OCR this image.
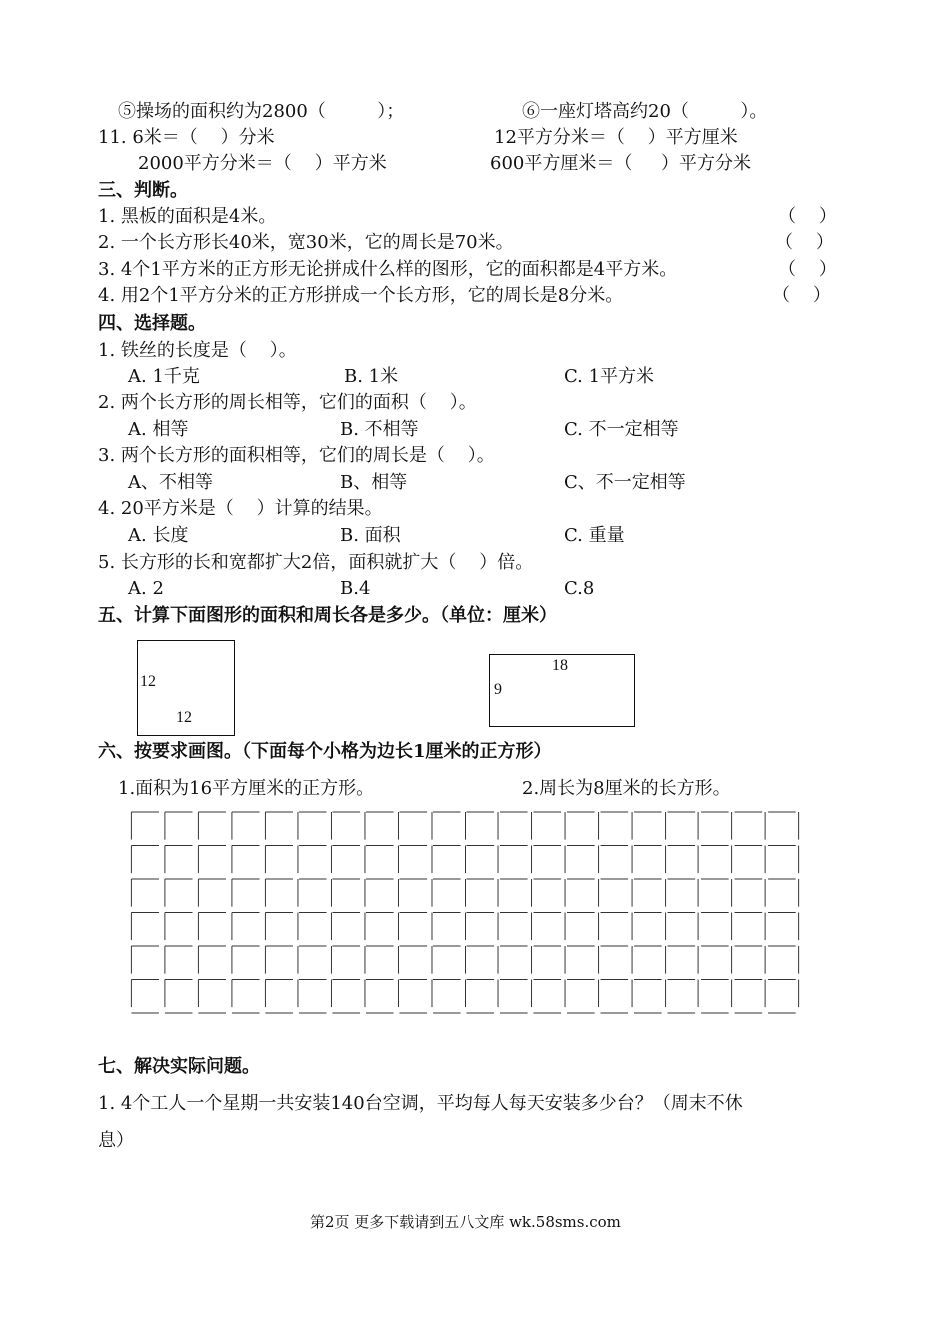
⑤操场的面积约为2800（         ）；	⑥一座灯塔高约20（         ）。
11. 6米＝（    ）分米	12平方分米＝（    ）平方厘米
2000平方分米＝（    ）平方米	600平方厘米＝（     ）平方分米
三、判断。
1. 黑板的面积是4米。	（    ）
2. 一个长方形长40米，宽30米，它的周长是70米。	（    ）
3. 4个1平方米的正方形无论拼成什么样的图形，它的面积都是4平方米。	（    ）
4. 用2个1平方分米的正方形拼成一个长方形，它的周长是8分米。	（    ）
四、选择题。
1. 铁丝的长度是（    ）。
A. 1千克	B. 1米	C. 1平方米
2. 两个长方形的周长相等，它们的面积（    ）。
A. 相等	B. 不相等	C. 不一定相等
3. 两个长方形的面积相等，它们的周长是（    ）。
A、不相等	B、相等	C、不一定相等
4. 20平方米是（    ）计算的结果。
A. 长度	B. 面积	C. 重量
5. 长方形的长和宽都扩大2倍，面积就扩大（    ）倍。
A. 2	B.4	C.8
五、计算下面图形的面积和周长各是多少。（单位：厘米）
12
12
18
9
六、按要求画图。（下面每个小格为边长1厘米的正方形）
1.面积为16平方厘米的正方形。	2.周长为8厘米的长方形。
七、解决实际问题。
1. 4个工人一个星期一共安装140台空调，平均每人每天安装多少台？（周末不休
息）
第2页 更多下载请到五八文库 wk.58sms.com
